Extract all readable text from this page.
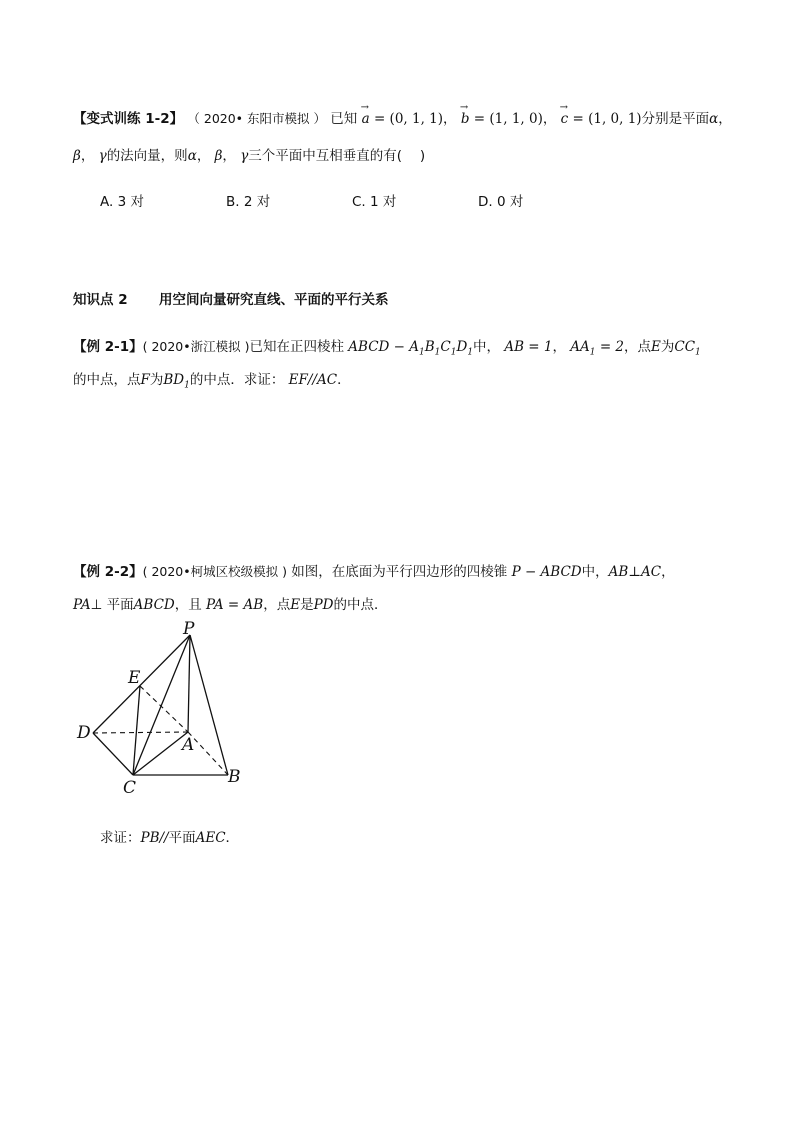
【变式训练 1-2】 （ 2020• 东阳市模拟 ） 已知
→
a = (0, 1, 1)，
→
b = (1, 1, 0)，
→
c = (1, 0, 1)分别是平面α，
β， γ的法向量，则α， β， γ三个平面中互相垂直的有(　 )
A. 3 对	B. 2 对	C. 1 对	D. 0 对
知识点 2 用空间向量研究直线、平面的平行关系
【例 2-1】( 2020•浙江模拟 )已知在正四棱柱 ABCD − $A_1B_1C_1D_1$中， AB = 1， $AA_1 = 2$，点E为$CC_1$
的中点，点F为$BD_1$的中点．求证： EF//AC．
【例 2-2】( 2020•柯城区校级模拟 ) 如图，在底面为平行四边形的四棱锥 P − ABCD中，AB⊥AC，
PA⊥ 平面ABCD，且 PA = AB，点E是PD的中点．
P
E
D
A
C
B
求证：PB//平面AEC．
